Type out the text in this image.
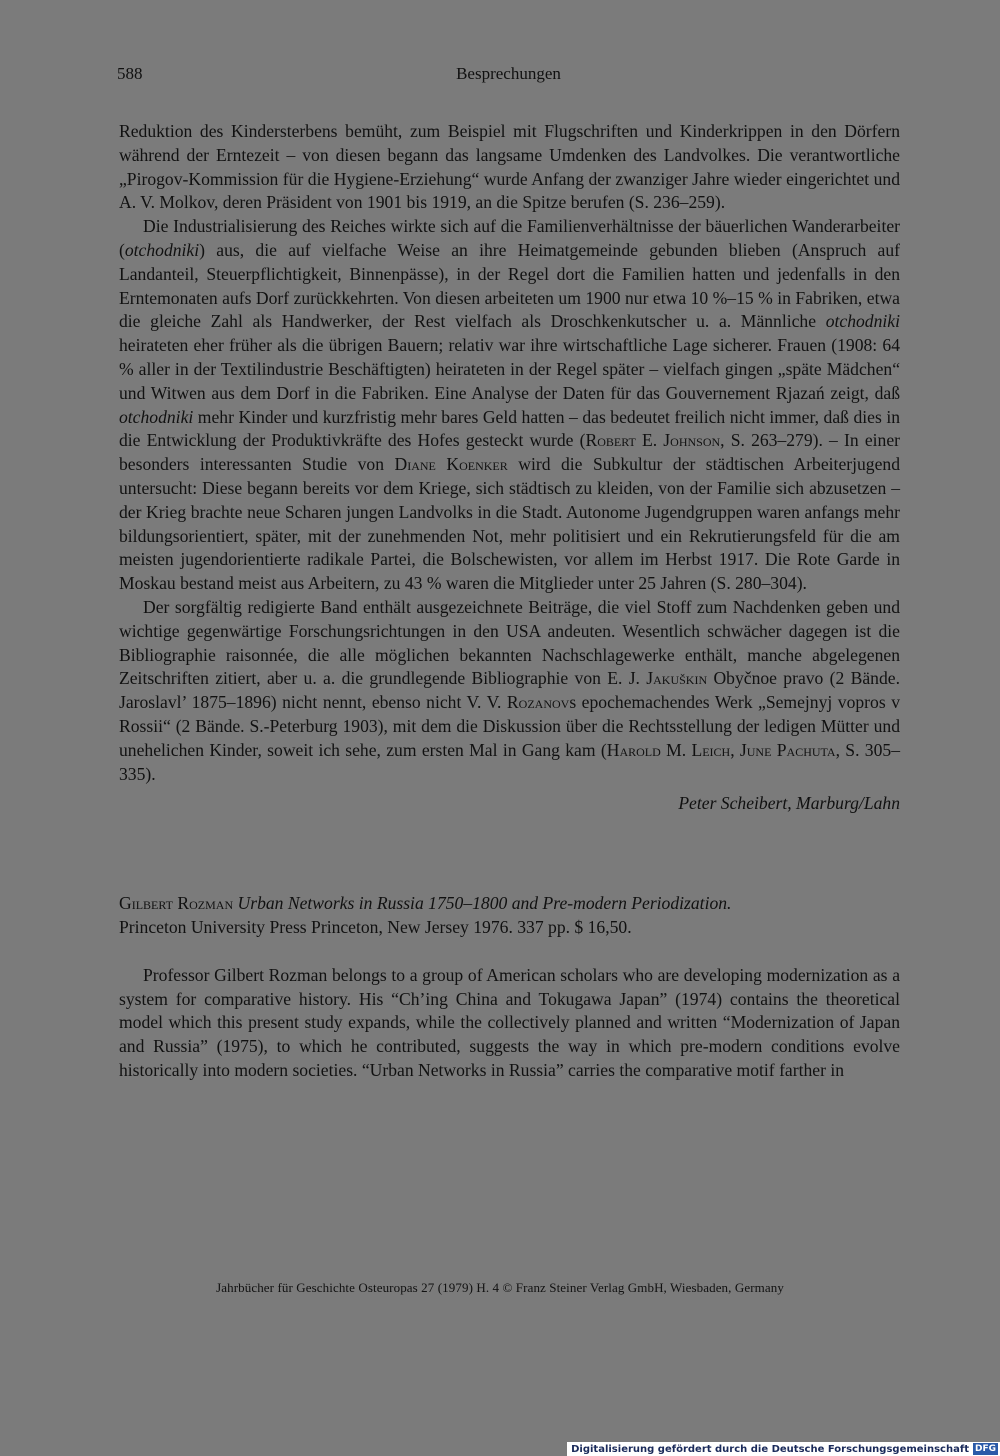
588	Besprechungen

Reduktion des Kindersterbens bemüht, zum Beispiel mit Flugschriften und Kinderkrippen in den Dörfern während der Erntezeit – von diesen begann das langsame Umdenken des Landvolkes. Die verantwortliche „Pirogov-Kommission für die Hygiene-Erziehung“ wurde Anfang der zwanziger Jahre wieder eingerichtet und A. V. Molkov, deren Präsident von 1901 bis 1919, an die Spitze berufen (S. 236–259).

Die Industrialisierung des Reiches wirkte sich auf die Familienverhältnisse der bäuerlichen Wanderarbeiter (otchodniki) aus, die auf vielfache Weise an ihre Heimatgemeinde gebunden blieben (Anspruch auf Landanteil, Steuerpflichtigkeit, Binnenpässe), in der Regel dort die Familien hatten und jedenfalls in den Erntemonaten aufs Dorf zurückkehrten. Von diesen arbeiteten um 1900 nur etwa 10 %–15 % in Fabriken, etwa die gleiche Zahl als Handwerker, der Rest vielfach als Droschkenkutscher u. a. Männliche otchodniki heirateten eher früher als die übrigen Bauern; relativ war ihre wirtschaftliche Lage sicherer. Frauen (1908: 64 % aller in der Textilindustrie Beschäftigten) heirateten in der Regel später – vielfach gingen „späte Mädchen“ und Witwen aus dem Dorf in die Fabriken. Eine Analyse der Daten für das Gouvernement Rjazań zeigt, daß otchodniki mehr Kinder und kurzfristig mehr bares Geld hatten – das bedeutet freilich nicht immer, daß dies in die Entwicklung der Produktivkräfte des Hofes gesteckt wurde (Robert E. Johnson, S. 263–279). – In einer besonders interessanten Studie von Diane Koenker wird die Subkultur der städtischen Arbeiterjugend untersucht: Diese begann bereits vor dem Kriege, sich städtisch zu kleiden, von der Familie sich abzusetzen – der Krieg brachte neue Scharen jungen Landvolks in die Stadt. Autonome Jugendgruppen waren anfangs mehr bildungsorientiert, später, mit der zunehmenden Not, mehr politisiert und ein Rekrutierungsfeld für die am meisten jugendorientierte radikale Partei, die Bolschewisten, vor allem im Herbst 1917. Die Rote Garde in Moskau bestand meist aus Arbeitern, zu 43 % waren die Mitglieder unter 25 Jahren (S. 280–304).

Der sorgfältig redigierte Band enthält ausgezeichnete Beiträge, die viel Stoff zum Nachdenken geben und wichtige gegenwärtige Forschungsrichtungen in den USA andeuten. Wesentlich schwächer dagegen ist die Bibliographie raisonnée, die alle möglichen bekannten Nachschlagewerke enthält, manche abgelegenen Zeitschriften zitiert, aber u. a. die grundlegende Bibliographie von E. J. Jakuškin Obyčnoe pravo (2 Bände. Jaroslavl’ 1875–1896) nicht nennt, ebenso nicht V. V. Rozanovs epochemachendes Werk „Semejnyj vopros v Rossii“ (2 Bände. S.-Peterburg 1903), mit dem die Diskussion über die Rechtsstellung der ledigen Mütter und unehelichen Kinder, soweit ich sehe, zum ersten Mal in Gang kam (Harold M. Leich, June Pachuta, S. 305–335).

Peter Scheibert, Marburg/Lahn

Gilbert Rozman Urban Networks in Russia 1750–1800 and Pre-modern Periodization.
Princeton University Press Princeton, New Jersey 1976. 337 pp. $ 16,50.

Professor Gilbert Rozman belongs to a group of American scholars who are developing modernization as a system for comparative history. His “Ch’ing China and Tokugawa Japan” (1974) contains the theoretical model which this present study expands, while the collectively planned and written “Modernization of Japan and Russia” (1975), to which he contributed, suggests the way in which pre-modern conditions evolve historically into modern societies. “Urban Networks in Russia” carries the comparative motif farther in

Jahrbücher für Geschichte Osteuropas 27 (1979) H. 4 © Franz Steiner Verlag GmbH, Wiesbaden, Germany
Digitalisierung gefördert durch die Deutsche Forschungsgemeinschaft DFG
